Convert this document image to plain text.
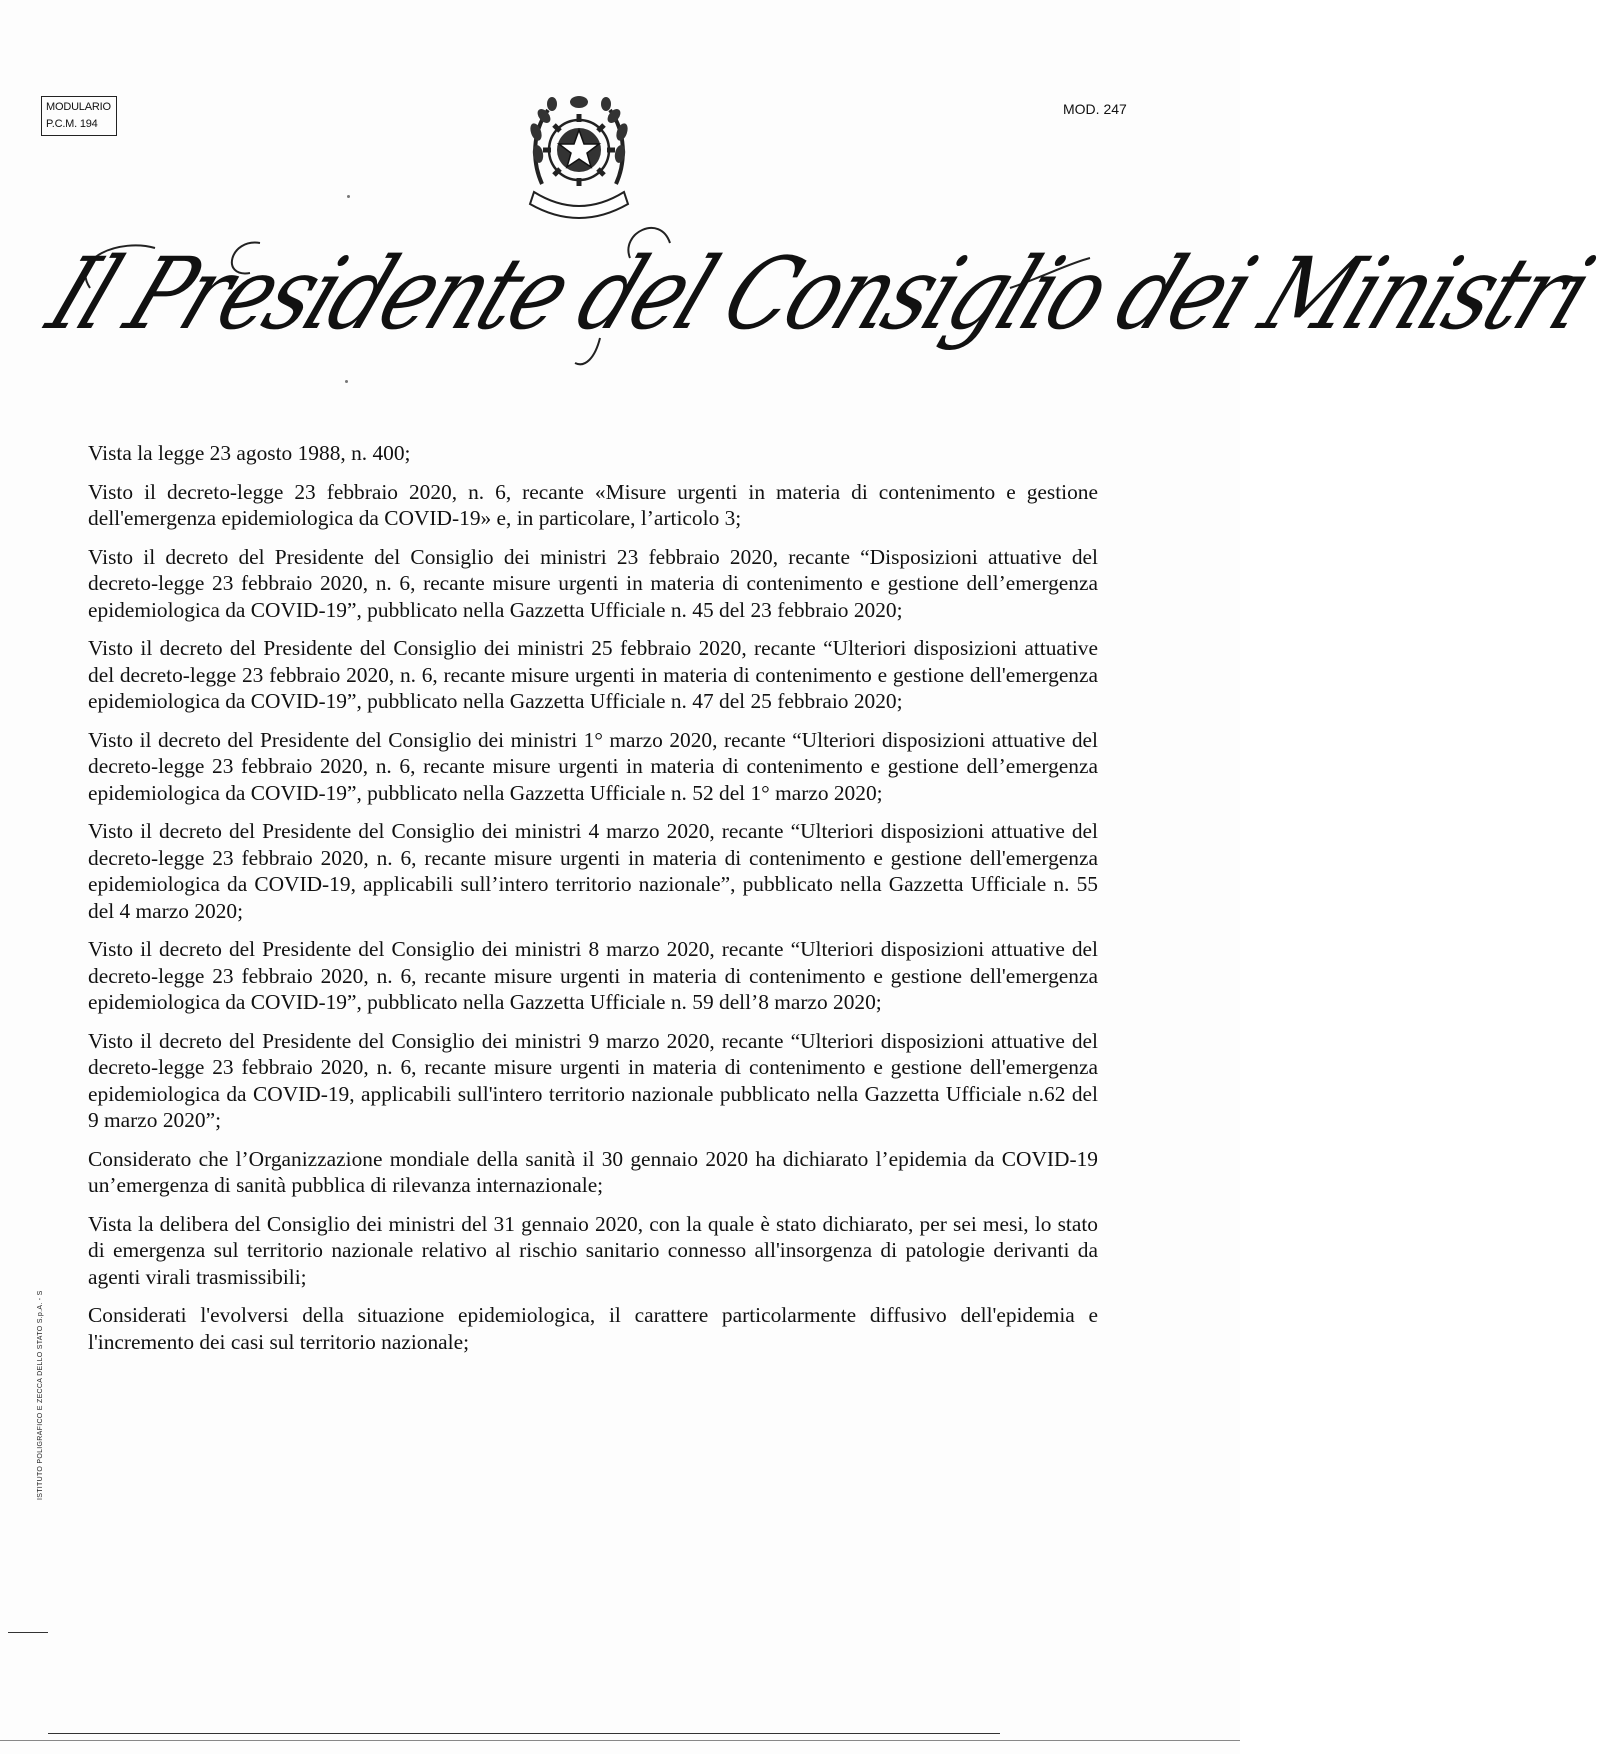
MODULARIO
P.C.M. 194
MOD. 247
Il Presidente del Consiglio dei Ministri

Vista la legge 23 agosto 1988, n. 400;

Visto il decreto-legge 23 febbraio 2020, n. 6, recante «Misure urgenti in materia di contenimento e gestione dell'emergenza epidemiologica da COVID-19» e, in particolare, l’articolo 3;

Visto il decreto del Presidente del Consiglio dei ministri 23 febbraio 2020, recante “Disposizioni attuative del decreto-legge 23 febbraio 2020, n. 6, recante misure urgenti in materia di contenimento e gestione dell’emergenza epidemiologica da COVID-19”, pubblicato nella Gazzetta Ufficiale n. 45 del 23 febbraio 2020;

Visto il decreto del Presidente del Consiglio dei ministri 25 febbraio 2020, recante “Ulteriori disposizioni attuative del decreto-legge 23 febbraio 2020, n. 6, recante misure urgenti in materia di contenimento e gestione dell'emergenza epidemiologica da COVID-19”, pubblicato nella Gazzetta Ufficiale n. 47 del 25 febbraio 2020;

Visto il decreto del Presidente del Consiglio dei ministri 1° marzo 2020, recante “Ulteriori disposizioni attuative del decreto-legge 23 febbraio 2020, n. 6, recante misure urgenti in materia di contenimento e gestione dell’emergenza epidemiologica da COVID-19”, pubblicato nella Gazzetta Ufficiale n. 52 del 1° marzo 2020;

Visto il decreto del Presidente del Consiglio dei ministri 4 marzo 2020, recante “Ulteriori disposizioni attuative del decreto-legge 23 febbraio 2020, n. 6, recante misure urgenti in materia di contenimento e gestione dell'emergenza epidemiologica da COVID-19, applicabili sull’intero territorio nazionale”, pubblicato nella Gazzetta Ufficiale n. 55 del 4 marzo 2020;

Visto il decreto del Presidente del Consiglio dei ministri 8 marzo 2020, recante “Ulteriori disposizioni attuative del decreto-legge 23 febbraio 2020, n. 6, recante misure urgenti in materia di contenimento e gestione dell'emergenza epidemiologica da COVID-19”, pubblicato nella Gazzetta Ufficiale n. 59 dell’8 marzo 2020;

Visto il decreto del Presidente del Consiglio dei ministri 9 marzo 2020, recante “Ulteriori disposizioni attuative del decreto-legge 23 febbraio 2020, n. 6, recante misure urgenti in materia di contenimento e gestione dell'emergenza epidemiologica da COVID-19, applicabili sull'intero territorio nazionale pubblicato nella Gazzetta Ufficiale n.62 del 9 marzo 2020”;

Considerato che l’Organizzazione mondiale della sanità il 30 gennaio 2020 ha dichiarato l’epidemia da COVID-19 un’emergenza di sanità pubblica di rilevanza internazionale;

Vista la delibera del Consiglio dei ministri del 31 gennaio 2020, con la quale è stato dichiarato, per sei mesi, lo stato di emergenza sul territorio nazionale relativo al rischio sanitario connesso all'insorgenza di patologie derivanti da agenti virali trasmissibili;

Considerati l'evolversi della situazione epidemiologica, il carattere particolarmente diffusivo dell'epidemia e l'incremento dei casi sul territorio nazionale;

ISTITUTO POLIGRAFICO E ZECCA DELLO STATO S.p.A. - S
